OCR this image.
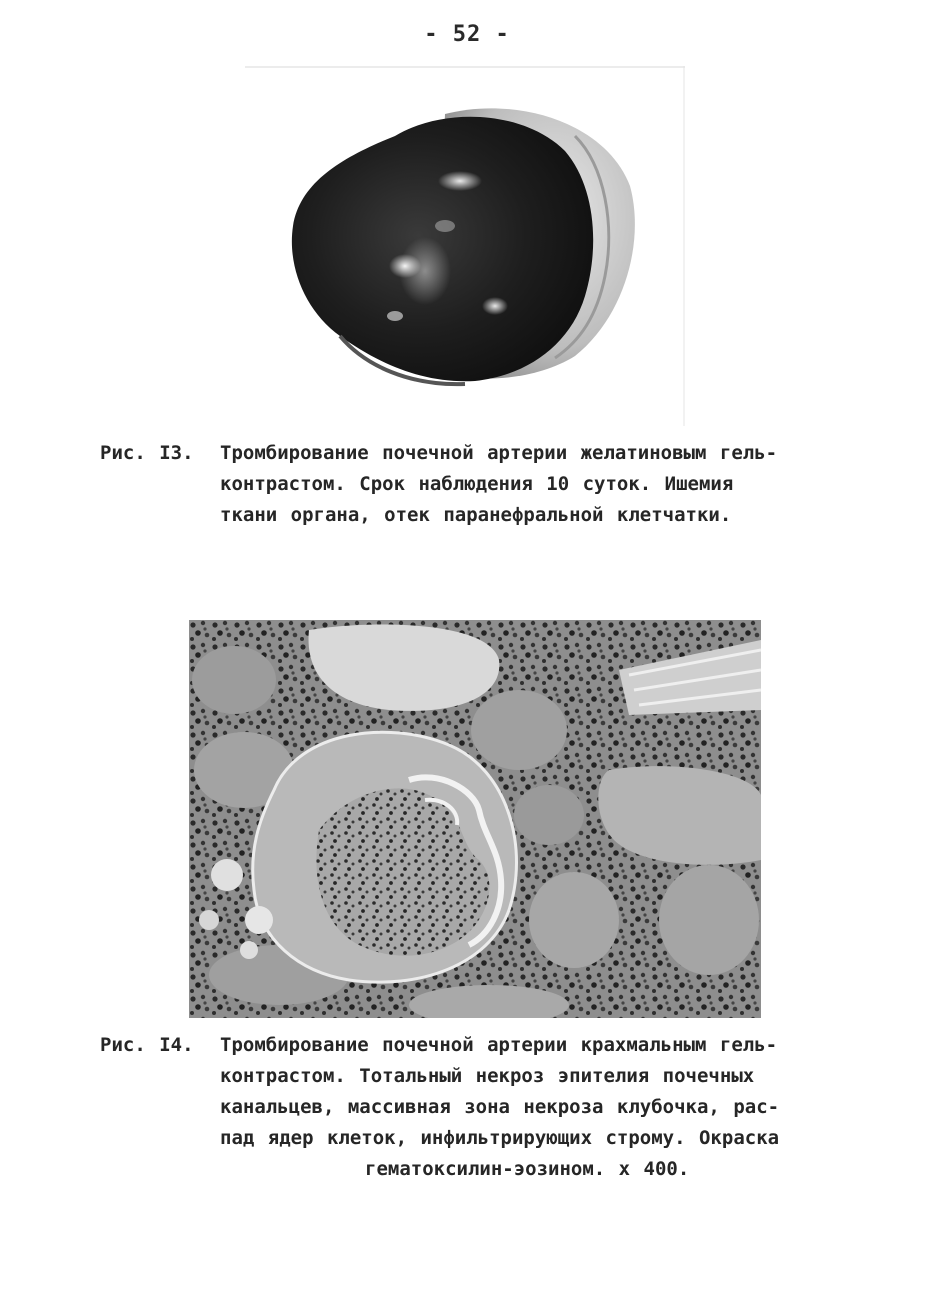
- 52 -
Рис. I3. Тромбирование почечной артерии желатиновым гель-
контрастом. Срок наблюдения 10 суток. Ишемия
ткани органа, отек паранефральной клетчатки.
Рис. I4. Тромбирование почечной артерии крахмальным гель-
контрастом. Тотальный некроз эпителия почечных
канальцев, массивная зона некроза клубочка, рас-
пад ядер клеток, инфильтрирующих строму. Окраска
гематоксилин-эозином. x 400.
